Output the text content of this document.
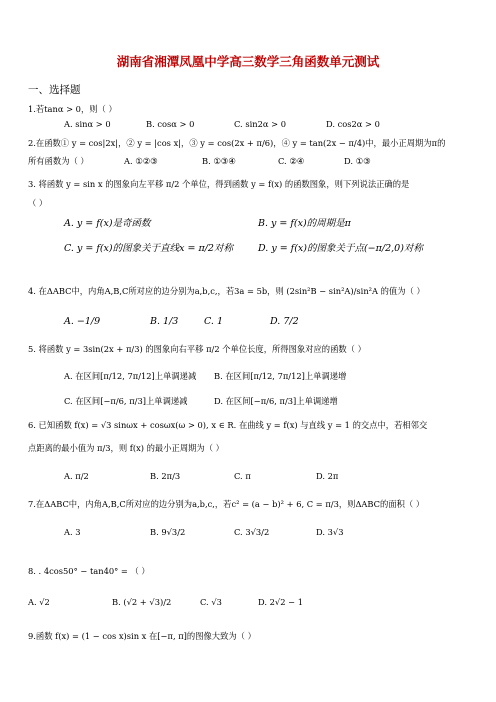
湖南省湘潭凤凰中学高三数学三角函数单元测试
一、选择题
1.若tanα > 0，则（ ）
A. sinα > 0	B. cosα > 0	C. sin2α > 0	D. cos2α > 0
2.在函数① y = cos|2x|，② y = |cos x|，③ y = cos(2x + π/6)，④ y = tan(2x − π/4)中，最小正周期为π的
所有函数为（ ）	A. ①②③	B. ①③④	C. ②④	D. ①③
3. 将函数 y = sin x 的图象向左平移 π/2 个单位，得到函数 y = f(x) 的函数图象，则下列说法正确的是
（ ）
A. y = f(x)是奇函数	B. y = f(x)的周期是π
C. y = f(x)的图象关于直线x = π/2对称	D. y = f(x)的图象关于点(−π/2,0)对称
4. 在ΔABC中，内角A,B,C所对应的边分别为a,b,c,，若3a = 5b，则 (2sin²B − sin²A)/sin²A 的值为（ ）
A. −1/9	B. 1/3	C. 1	D. 7/2
5. 将函数 y = 3sin(2x + π/3) 的图象向右平移 π/2 个单位长度，所得图象对应的函数（ ）
A. 在区间[π/12, 7π/12]上单调递减 B. 在区间[π/12, 7π/12]上单调递增
C. 在区间[−π/6, π/3]上单调递减	D. 在区间[−π/6, π/3]上单调递增
6. 已知函数 f(x) = √3 sinωx + cosωx(ω > 0), x ∈ R. 在曲线 y = f(x) 与直线 y = 1 的交点中，若相邻交
点距离的最小值为 π/3，则 f(x) 的最小正周期为（ ）
A. π/2	B. 2π/3	C. π	D. 2π
7.在ΔABC中，内角A,B,C所对应的边分别为a,b,c,，若c² = (a − b)² + 6, C = π/3，则ΔABC的面积（ ）
A. 3	B. 9√3/2	C. 3√3/2	D. 3√3
8. . 4cos50° − tan40° = （ ）
A. √2	B. (√2 + √3)/2	C. √3	D. 2√2 − 1
9.函数 f(x) = (1 − cos x)sin x 在[−π, π]的图像大致为（ ）
